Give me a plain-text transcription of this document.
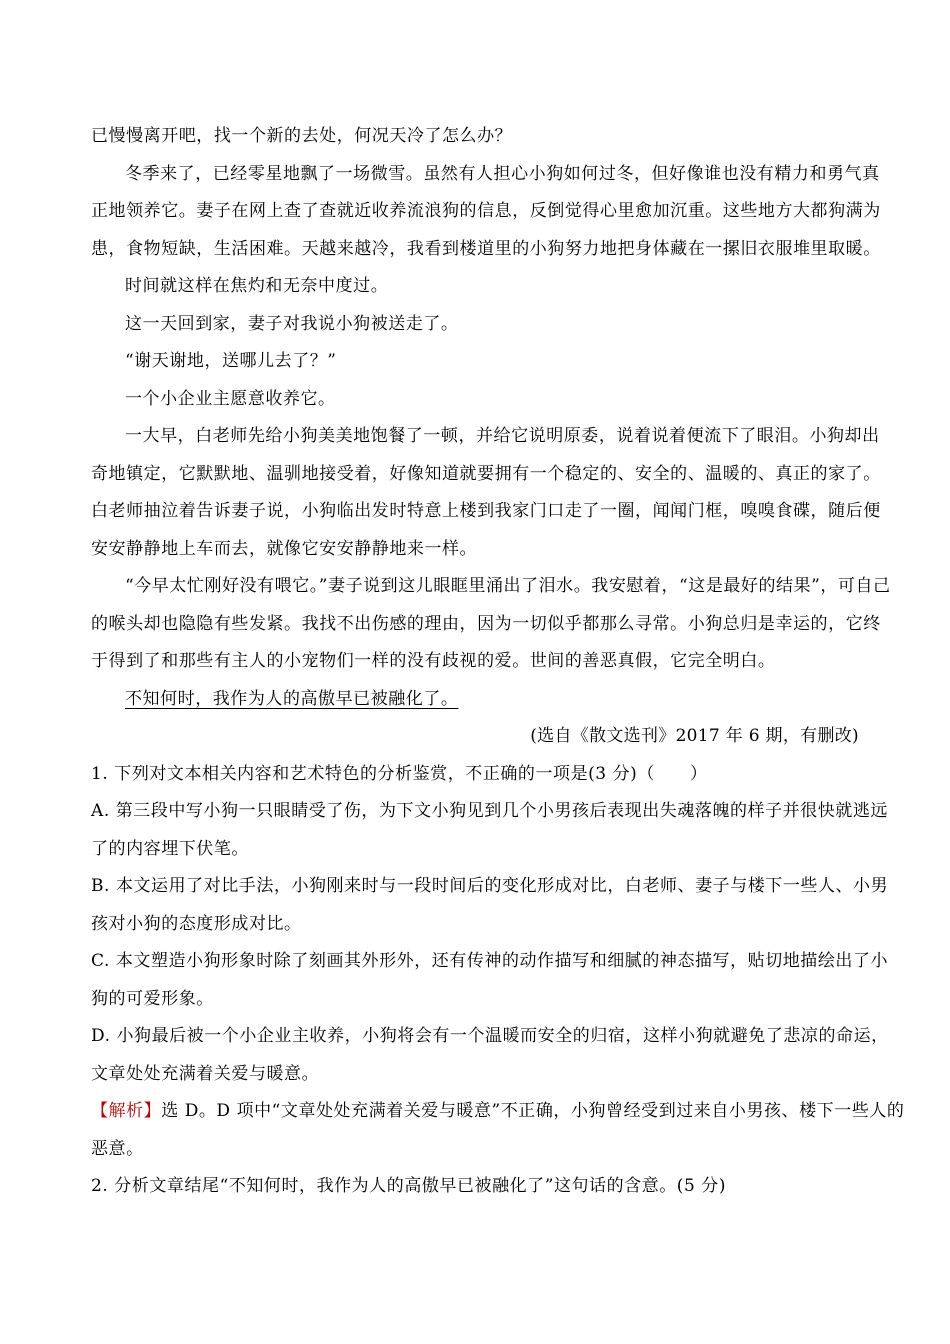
已慢慢离开吧，找一个新的去处，何况天冷了怎么办？
冬季来了，已经零星地飘了一场微雪。虽然有人担心小狗如何过冬，但好像谁也没有精力和勇气真
正地领养它。妻子在网上查了查就近收养流浪狗的信息，反倒觉得心里愈加沉重。这些地方大都狗满为
患，食物短缺，生活困难。天越来越冷，我看到楼道里的小狗努力地把身体藏在一摞旧衣服堆里取暖。
时间就这样在焦灼和无奈中度过。
这一天回到家，妻子对我说小狗被送走了。
“谢天谢地，送哪儿去了？”
一个小企业主愿意收养它。
一大早，白老师先给小狗美美地饱餐了一顿，并给它说明原委，说着说着便流下了眼泪。小狗却出
奇地镇定，它默默地、温驯地接受着，好像知道就要拥有一个稳定的、安全的、温暖的、真正的家了。
白老师抽泣着告诉妻子说，小狗临出发时特意上楼到我家门口走了一圈，闻闻门框，嗅嗅食碟，随后便
安安静静地上车而去，就像它安安静静地来一样。
“今早太忙刚好没有喂它。”妻子说到这儿眼眶里涌出了泪水。我安慰着，“这是最好的结果”，可自己
的喉头却也隐隐有些发紧。我找不出伤感的理由，因为一切似乎都那么寻常。小狗总归是幸运的，它终
于得到了和那些有主人的小宠物们一样的没有歧视的爱。世间的善恶真假，它完全明白。
不知何时，我作为人的高傲早已被融化了。
(选自《散文选刊》2017 年 6 期，有删改)
1. 下列对文本相关内容和艺术特色的分析鉴赏，不正确的一项是(3 分)（　　）
A. 第三段中写小狗一只眼睛受了伤，为下文小狗见到几个小男孩后表现出失魂落魄的样子并很快就逃远
了的内容埋下伏笔。
B. 本文运用了对比手法，小狗刚来时与一段时间后的变化形成对比，白老师、妻子与楼下一些人、小男
孩对小狗的态度形成对比。
C. 本文塑造小狗形象时除了刻画其外形外，还有传神的动作描写和细腻的神态描写，贴切地描绘出了小
狗的可爱形象。
D. 小狗最后被一个小企业主收养，小狗将会有一个温暖而安全的归宿，这样小狗就避免了悲凉的命运，
文章处处充满着关爱与暖意。
【解析】选 D。D 项中“文章处处充满着关爱与暖意”不正确，小狗曾经受到过来自小男孩、楼下一些人的
恶意。
2. 分析文章结尾“不知何时，我作为人的高傲早已被融化了”这句话的含意。(5 分)
